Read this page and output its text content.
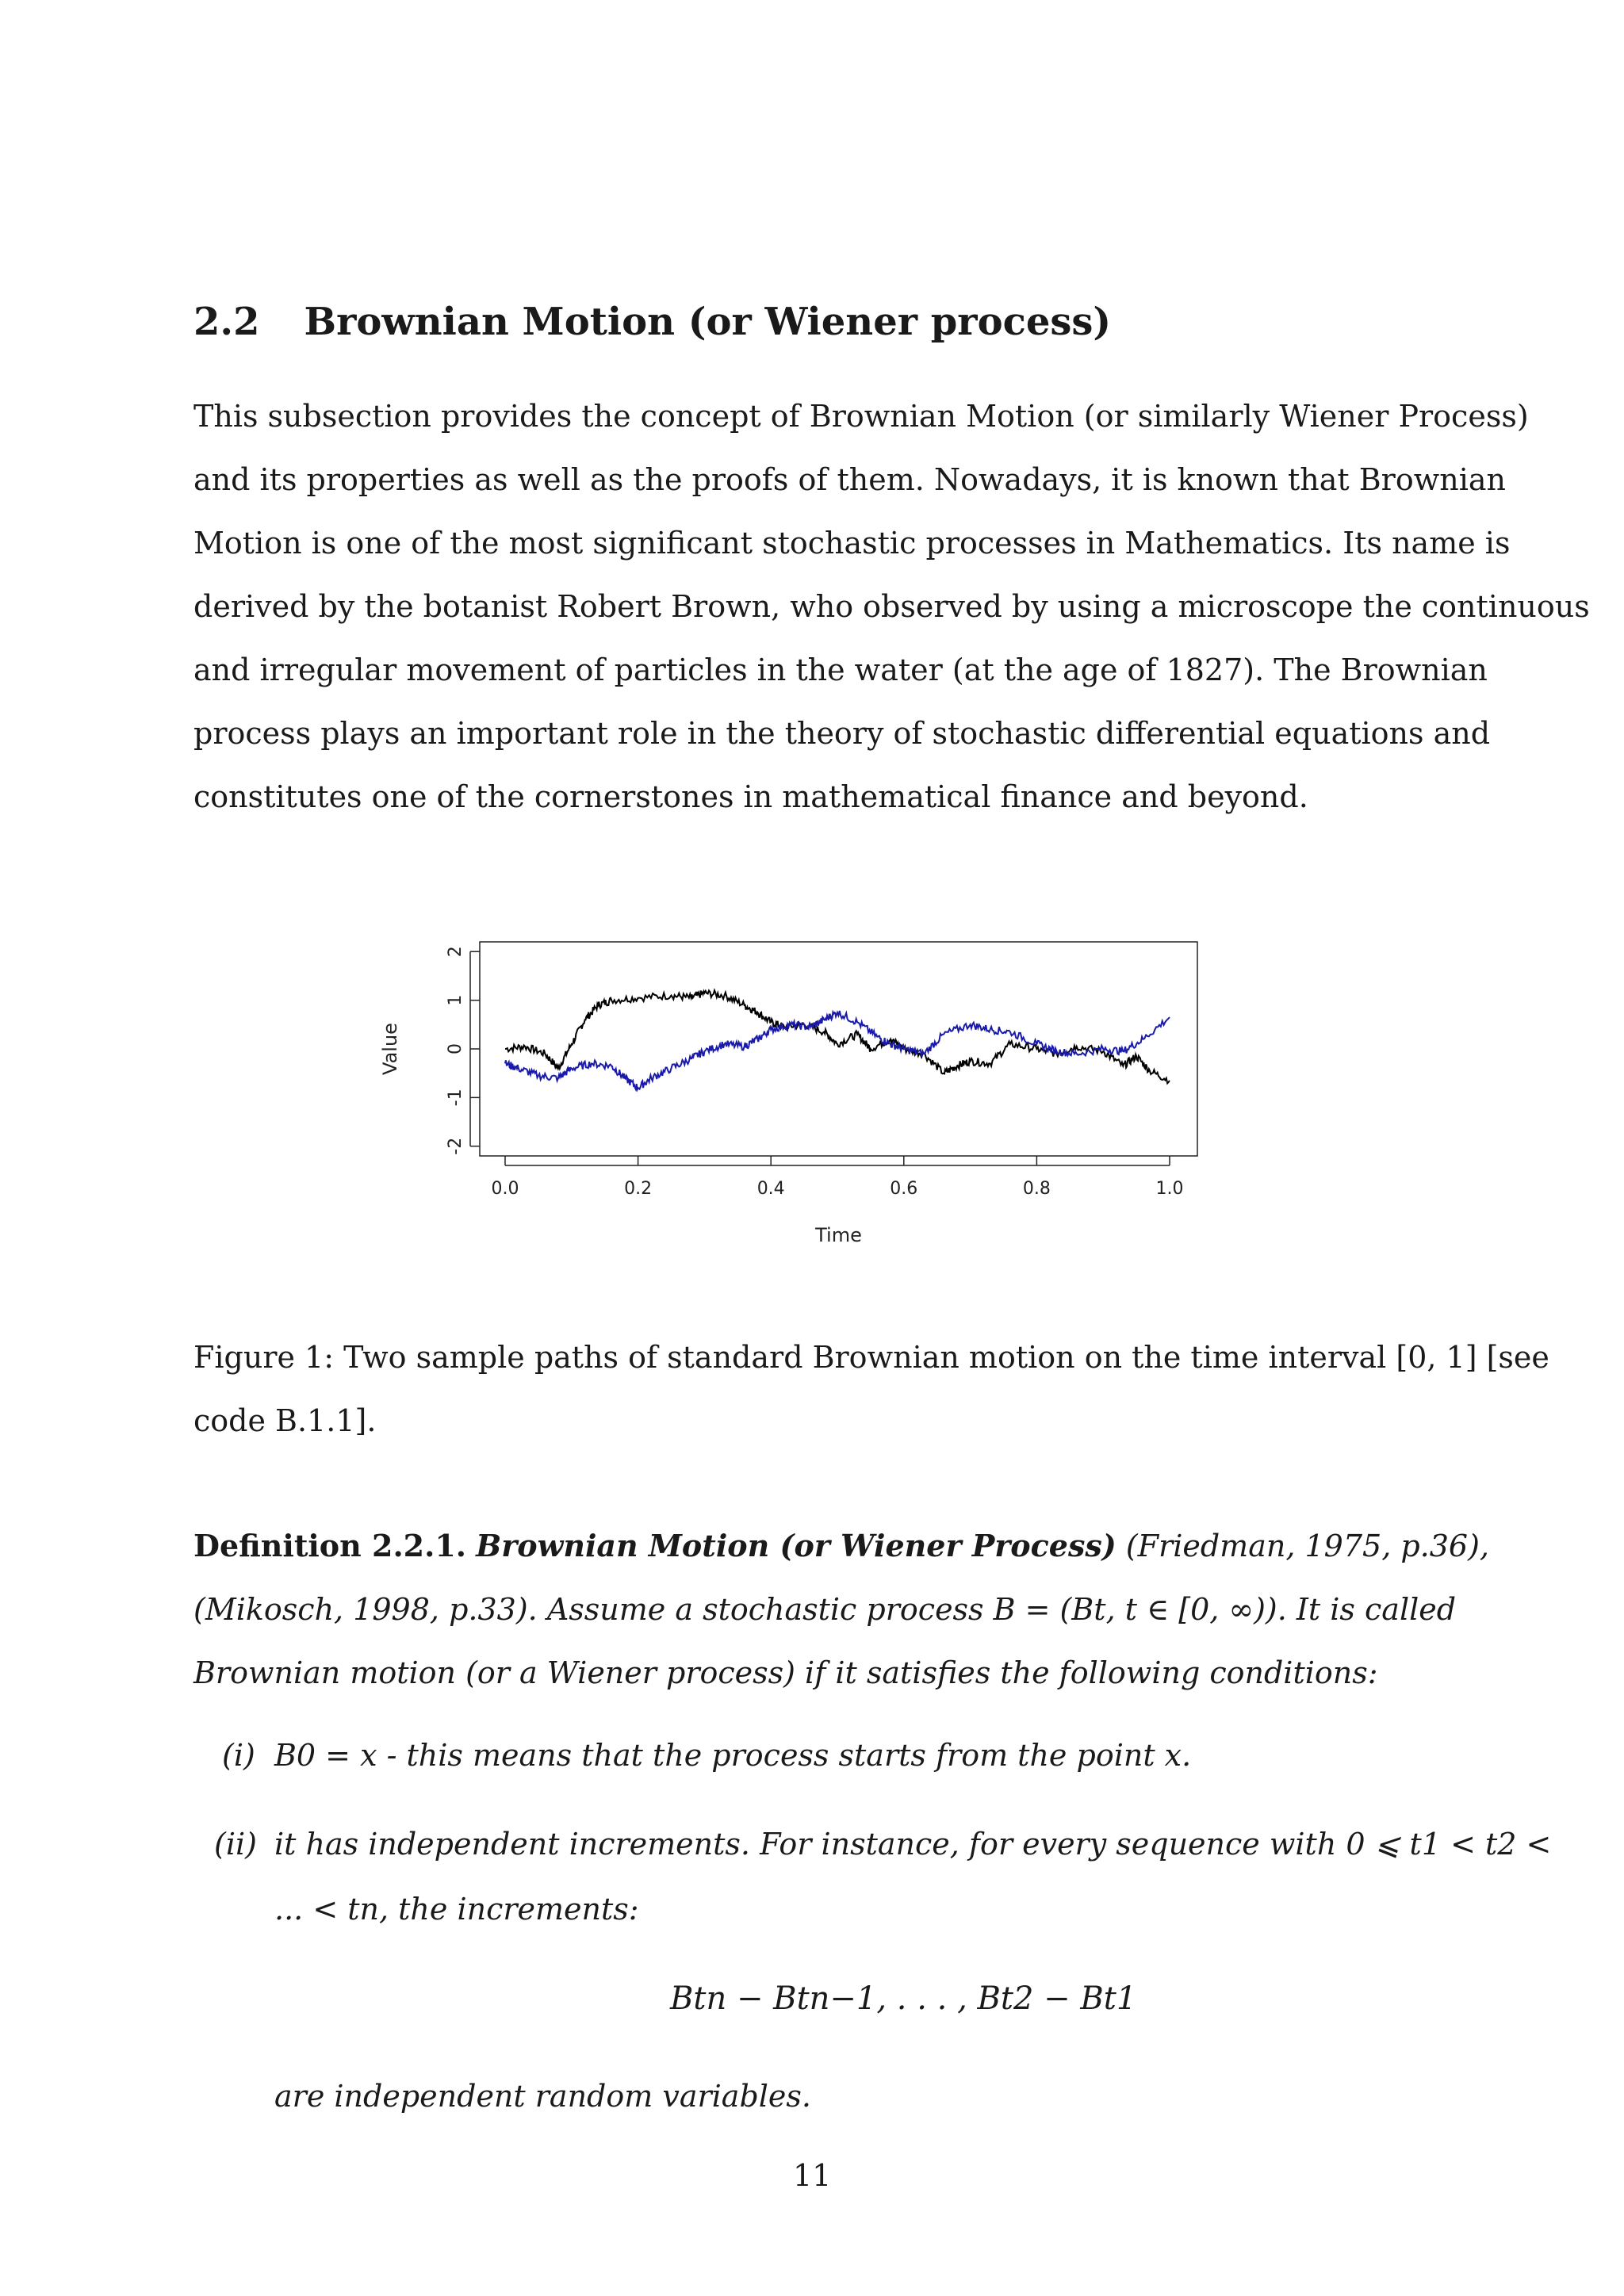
2.2 Brownian Motion (or Wiener process)
This subsection provides the concept of Brownian Motion (or similarly Wiener Process)
and its properties as well as the proofs of them. Nowadays, it is known that Brownian
Motion is one of the most significant stochastic processes in Mathematics. Its name is
derived by the botanist Robert Brown, who observed by using a microscope the continuous
and irregular movement of particles in the water (at the age of 1827). The Brownian
process plays an important role in the theory of stochastic differential equations and
constitutes one of the cornerstones in mathematical finance and beyond.
0.0	0.2	0.4	0.6	0.8	1.0
-2
-1
0
1
2
Time
Value
Figure 1: Two sample paths of standard Brownian motion on the time interval [0, 1] [see
code B.1.1].
Definition 2.2.1. Brownian Motion (or Wiener Process) (Friedman, 1975, p.36),
(Mikosch, 1998, p.33). Assume a stochastic process B = (Bt, t ∈ [0, ∞)). It is called
Brownian motion (or a Wiener process) if it satisfies the following conditions:
(i) B0 = x - this means that the process starts from the point x.
(ii) it has independent increments. For instance, for every sequence with 0 ⩽ t1 < t2 <
... < tn, the increments:
Btn − Btn−1, . . . , Bt2 − Bt1
are independent random variables.
11
